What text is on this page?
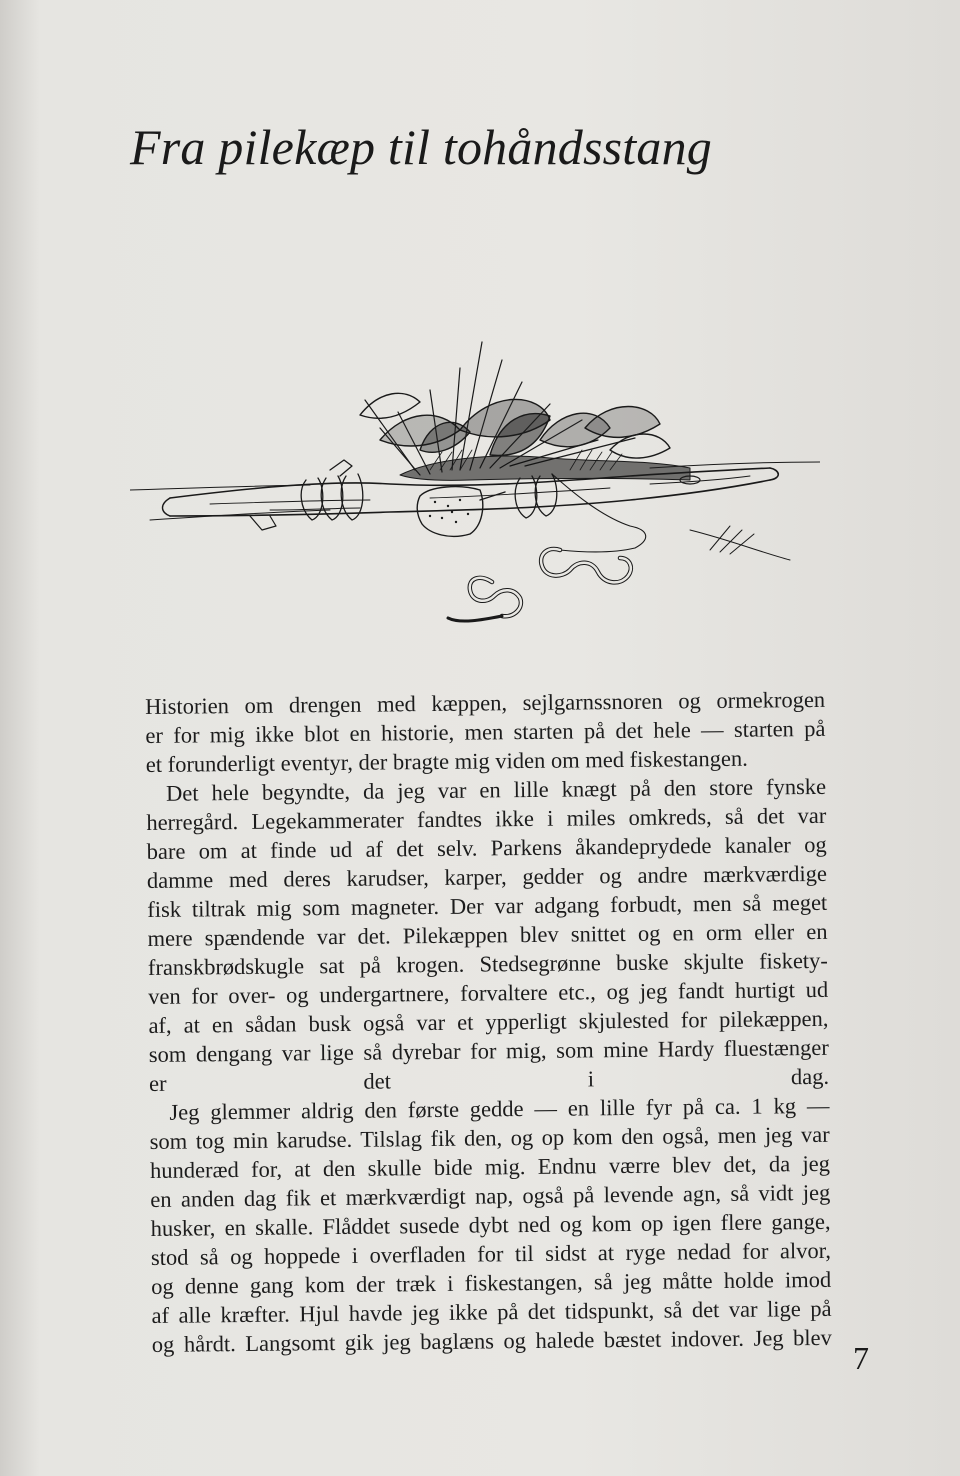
Fra pilekæp til tohåndsstang
Historien om drengen med kæppen, sejlgarnssnoren og ormekrogen
er for mig ikke blot en historie, men starten på det hele — starten på
et forunderligt eventyr, der bragte mig viden om med fiskestangen.
Det hele begyndte, da jeg var en lille knægt på den store fynske
herregård. Legekammerater fandtes ikke i miles omkreds, så det var
bare om at finde ud af det selv. Parkens åkandeprydede kanaler og
damme med deres karudser, karper, gedder og andre mærkværdige
fisk tiltrak mig som magneter. Der var adgang forbudt, men så meget
mere spændende var det. Pilekæppen blev snittet og en orm eller en
franskbrødskugle sat på krogen. Stedsegrønne buske skjulte fiskety-
ven for over- og undergartnere, forvaltere etc., og jeg fandt hurtigt ud
af, at en sådan busk også var et ypperligt skjulested for pilekæppen,
som dengang var lige så dyrebar for mig, som mine Hardy fluestænger
er det i dag.
Jeg glemmer aldrig den første gedde — en lille fyr på ca. 1 kg —
som tog min karudse. Tilslag fik den, og op kom den også, men jeg var
hunderæd for, at den skulle bide mig. Endnu værre blev det, da jeg
en anden dag fik et mærkværdigt nap, også på levende agn, så vidt jeg
husker, en skalle. Flåddet susede dybt ned og kom op igen flere gange,
stod så og hoppede i overfladen for til sidst at ryge nedad for alvor,
og denne gang kom der træk i fiskestangen, så jeg måtte holde imod
af alle kræfter. Hjul havde jeg ikke på det tidspunkt, så det var lige på
og hårdt. Langsomt gik jeg baglæns og halede bæstet indover. Jeg blev 7
